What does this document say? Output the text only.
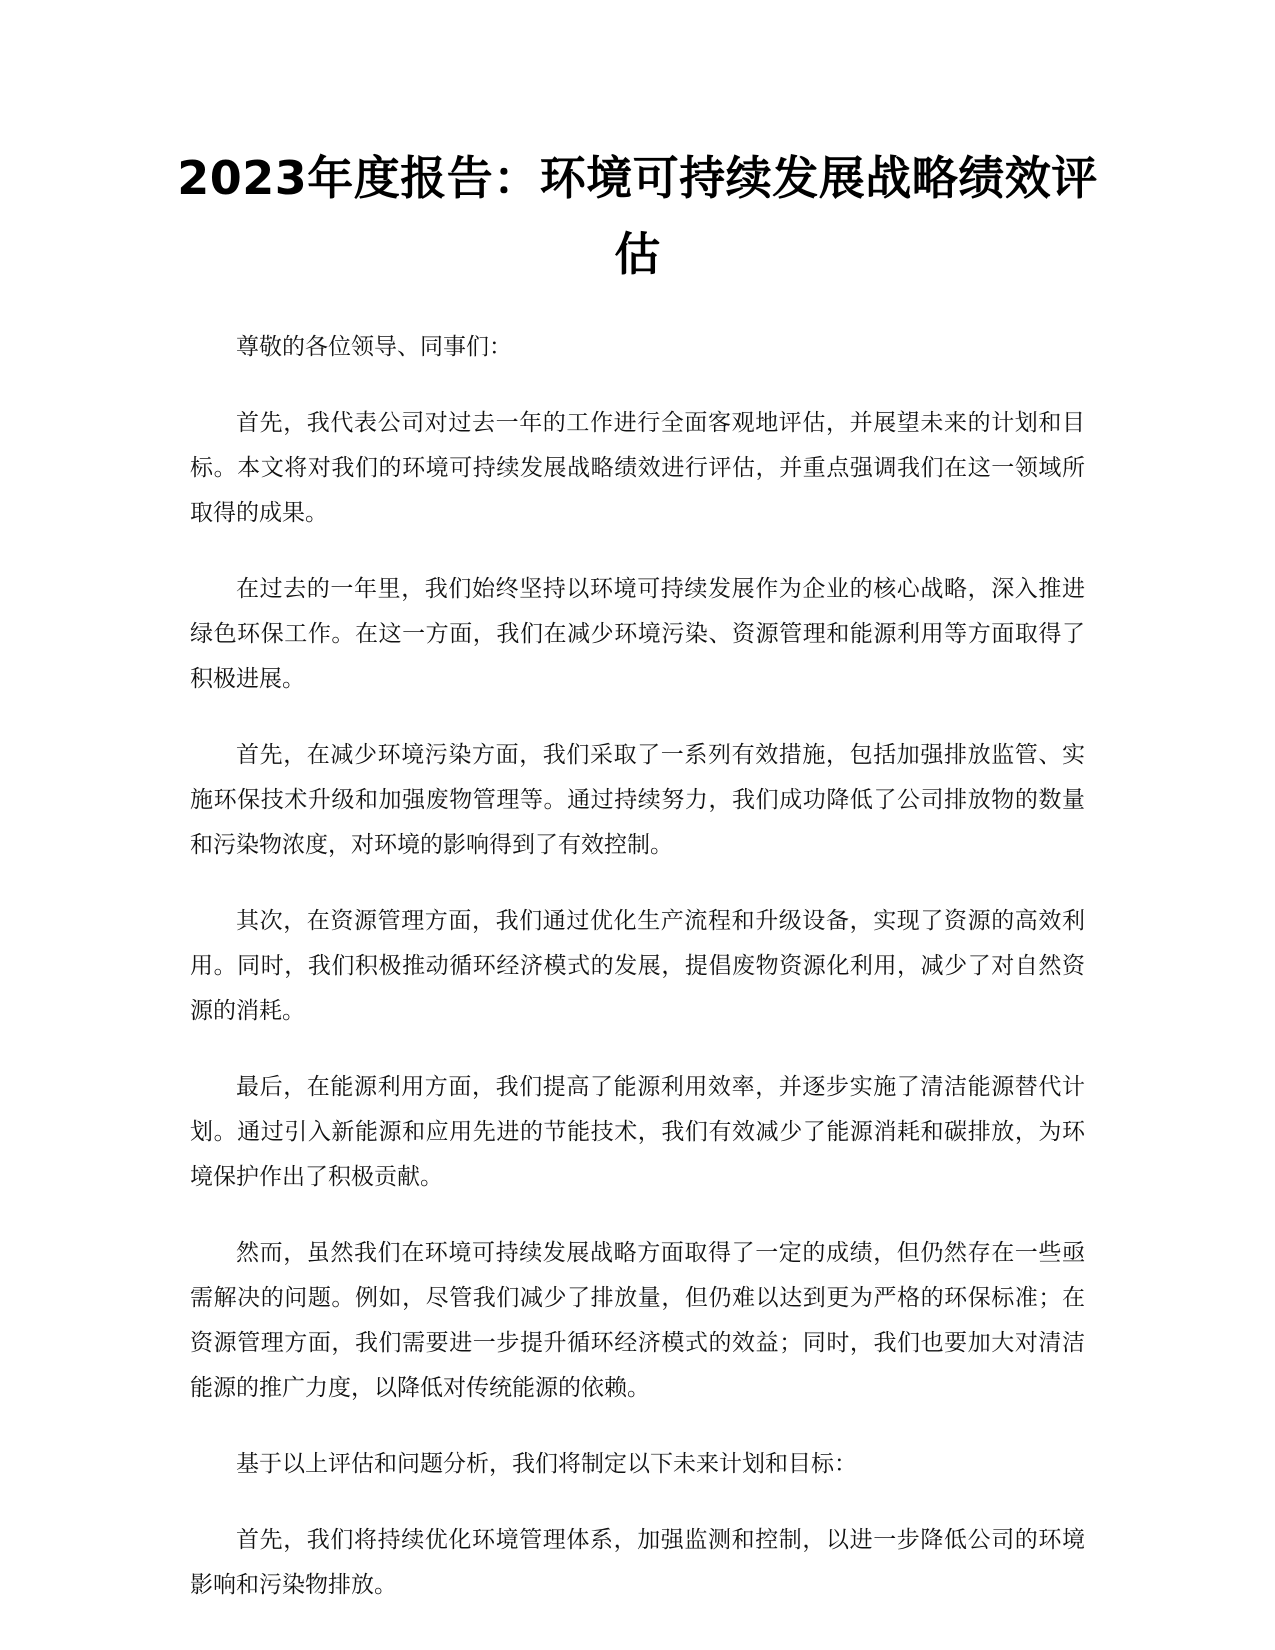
2023年度报告：环境可持续发展战略绩效评估

尊敬的各位领导、同事们：

首先，我代表公司对过去一年的工作进行全面客观地评估，并展望未来的计划和目标。本文将对我们的环境可持续发展战略绩效进行评估，并重点强调我们在这一领域所取得的成果。

在过去的一年里，我们始终坚持以环境可持续发展作为企业的核心战略，深入推进绿色环保工作。在这一方面，我们在减少环境污染、资源管理和能源利用等方面取得了积极进展。

首先，在减少环境污染方面，我们采取了一系列有效措施，包括加强排放监管、实施环保技术升级和加强废物管理等。通过持续努力，我们成功降低了公司排放物的数量和污染物浓度，对环境的影响得到了有效控制。

其次，在资源管理方面，我们通过优化生产流程和升级设备，实现了资源的高效利用。同时，我们积极推动循环经济模式的发展，提倡废物资源化利用，减少了对自然资源的消耗。

最后，在能源利用方面，我们提高了能源利用效率，并逐步实施了清洁能源替代计划。通过引入新能源和应用先进的节能技术，我们有效减少了能源消耗和碳排放，为环境保护作出了积极贡献。

然而，虽然我们在环境可持续发展战略方面取得了一定的成绩，但仍然存在一些亟需解决的问题。例如，尽管我们减少了排放量，但仍难以达到更为严格的环保标准；在资源管理方面，我们需要进一步提升循环经济模式的效益；同时，我们也要加大对清洁能源的推广力度，以降低对传统能源的依赖。

基于以上评估和问题分析，我们将制定以下未来计划和目标：

首先，我们将持续优化环境管理体系，加强监测和控制，以进一步降低公司的环境影响和污染物排放。
